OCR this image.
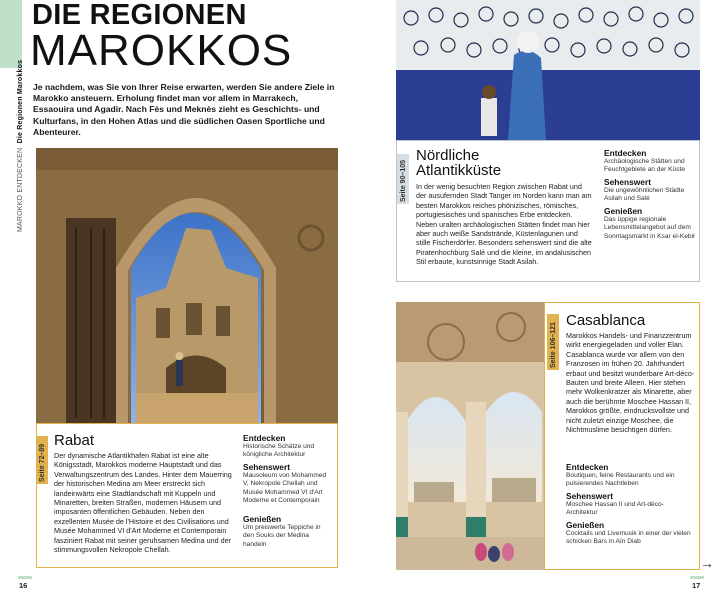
DIE REGIONEN
MAROKKOS
MAROKKO ENTDECKEN  Die Regionen Marokkos Je nachdem, was Sie von Ihrer Reise erwarten, werden Sie andere Ziele in Marokko ansteuern. Erholung findet man vor allem in Marrakech, Essaouira und Agadir. Nach Fès und Meknès zieht es Geschichts- und Kulturfans, in den Hohen Atlas und die südlichen Oasen Sportliche und Abenteurer.
Seite 72–89
Rabat
Der dynamische Atlantikhafen Rabat ist eine alte Königsstadt, Marokkos moderne Hauptstadt und das Verwaltungszentrum des Landes. Hinter dem Mauerring der historischen Medina am Meer erstreckt sich landeinwärts eine Stadtlandschaft mit Kuppeln und Minaretten, breiten Straßen, modernen Häusern und imposanten öffentlichen Gebäuden. Neben den exzellenten Musée de l'Histoire et des Civilisations und Musée Mohammed VI d'Art Moderne et Contemporain fasziniert Rabat mit seiner geruhsamen Medina und der stimmungsvollen Nekropole Chellah.
Entdecken
Historische Schätze und königliche Architektur
Sehenswert
Mausoleum von Mohammed V, Nekropole Chellah und Musée Mohammed VI d'Art Moderne et Contemporain
Genießen
Um preiswerte Teppiche in den Souks der Medina handeln
16
Seite 90–105
Nördliche
Atlantikküste
In der wenig besuchten Region zwischen Rabat und der ausufernden Stadt Tanger im Norden kann man am besten Marokkos reiches phönizisches, römisches, portugiesisches und spanisches Erbe entdecken. Neben uralten archäologischen Stätten findet man hier aber auch weiße Sandstrände, Küstenlagunen und stille Fischerdörfer. Besonders sehenswert sind die alte Piratenhochburg Salé und die kleine, im andalusischen Stil erbaute, kunstsinnige Stadt Asilah.
Entdecken
Archäologische Stätten und Feuchtgebiete an der Küste
Sehenswert
Die ungewöhnlichen Städte Asilah und Salé
Genießen
Das üppige regionale Lebensmittelangebot auf dem Sonntagsmarkt in Ksar el-Kebir
Seite 106–121
Casablanca
Marokkos Handels- und Finanzzentrum wirkt energiegeladen und voller Elan. Casablanca wurde vor allem von den Franzosen im frühen 20. Jahrhundert erbaut und besitzt wunderbare Art-déco-Bauten und breite Alleen. Hier stehen mehr Wolkenkratzer als Minarette, aber auch die berühmte Moschee Hassan II, Marokkos größte, eindrucksvollste und nicht zuletzt einzige Moschee, die Nichtmuslime besichtigen dürfen.
Entdecken
Boutiquen, feine Restaurants und ein pulsierendes Nachtleben
Sehenswert
Moschee Hassan II und Art-déco-Architektur
Genießen
Cocktails und Livemusik in einer der vielen schicken Bars in Aïn Diab
→
17
